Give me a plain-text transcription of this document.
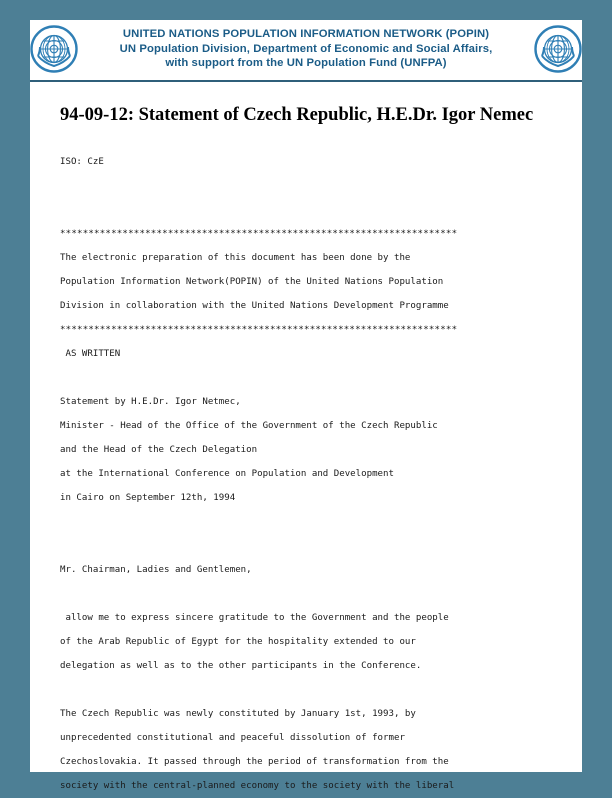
UNITED NATIONS POPULATION INFORMATION NETWORK (POPIN)
UN Population Division, Department of Economic and Social Affairs,
with support from the UN Population Fund (UNFPA)
94-09-12: Statement of Czech Republic, H.E.Dr. Igor Nemec
ISO: CzE
**********************************************************************
The electronic preparation of this document has been done by the
Population Information Network(POPIN) of the United Nations Population
Division in collaboration with the United Nations Development Programme
**********************************************************************
AS WRITTEN
Statement by H.E.Dr. Igor Netmec,
Minister - Head of the Office of the Government of the Czech Republic
and the Head of the Czech Delegation
at the International Conference on Population and Development
in Cairo on September 12th, 1994
Mr. Chairman, Ladies and Gentlemen,
allow me to express sincere gratitude to the Government and the people
of the Arab Republic of Egypt for the hospitality extended to our
delegation as well as to the other participants in the Conference.
The Czech Republic was newly constituted by January 1st, 1993, by
unprecedented constitutional and peaceful dissolution of former
Czechoslovakia. It passed through the period of transformation from the
society with the central-planned economy to the society with the liberal
